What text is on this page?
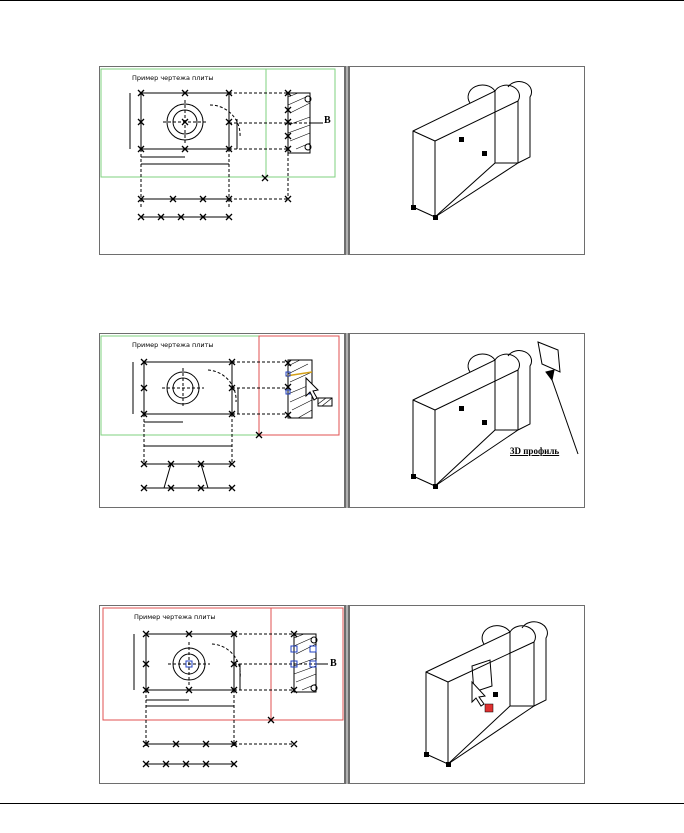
Пример чертежа плиты
B
Пример чертежа плиты
3D профиль
Пример чертежа плиты
B
